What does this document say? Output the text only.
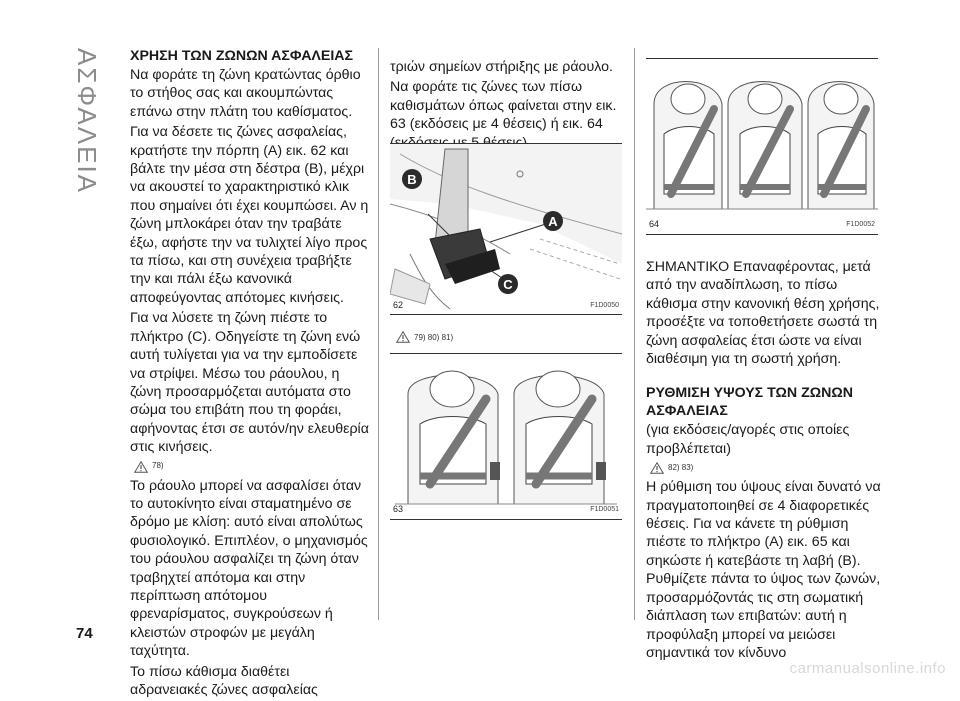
ΑΣΦΑΛΕΙΑ
74
ΧΡΗΣΗ ΤΩΝ ΖΩΝΩΝ ΑΣΦΑΛΕΙΑΣ

Να φοράτε τη ζώνη κρατώντας όρθιο το στήθος σας και ακουμπώντας επάνω στην πλάτη του καθίσματος.

Για να δέσετε τις ζώνες ασφαλείας, κρατήστε την πόρπη (A) εικ. 62 και βάλτε την μέσα στη δέστρα (B), μέχρι να ακουστεί το χαρακτηριστικό κλικ που σημαίνει ότι έχει κουμπώσει. Αν η ζώνη μπλοκάρει όταν την τραβάτε έξω, αφήστε την να τυλιχτεί λίγο προς τα πίσω, και στη συνέχεια τραβήξτε την και πάλι έξω κανονικά αποφεύγοντας απότομες κινήσεις.

Για να λύσετε τη ζώνη πιέστε το πλήκτρο (C). Οδηγείστε τη ζώνη ενώ αυτή τυλίγεται για να την εμποδίσετε να στρίψει. Μέσω του ράουλου, η ζώνη προσαρμόζεται αυτόματα στο σώμα του επιβάτη που τη φοράει, αφήνοντας έτσι σε αυτόν/ην ελευθερία στις κινήσεις.

78)

Το ράουλο μπορεί να ασφαλίσει όταν το αυτοκίνητο είναι σταματημένο σε δρόμο με κλίση: αυτό είναι απολύτως φυσιολογικό. Επιπλέον, ο μηχανισμός του ράουλου ασφαλίζει τη ζώνη όταν τραβηχτεί απότομα και στην περίπτωση απότομου φρεναρίσματος, συγκρούσεων ή κλειστών στροφών με μεγάλη ταχύτητα.

Το πίσω κάθισμα διαθέτει αδρανειακές ζώνες ασφαλείας

τριών σημείων στήριξης με ράουλο.

Να φοράτε τις ζώνες των πίσω καθισμάτων όπως φαίνεται στην εικ. 63 (εκδόσεις με 4 θέσεις) ή εικ. 64

B
A
C
62	F1D0050
79) 80) 81)
63	F1D0051
64	F1D0052

ΣΗΜΑΝΤΙΚΟ Επαναφέροντας, μετά από την αναδίπλωση, το πίσω κάθισμα στην κανονική θέση χρήσης, προσέξτε να τοποθετήσετε σωστά τη ζώνη ασφαλείας έτσι ώστε να είναι διαθέσιμη για τη σωστή χρήση.

ΡΥΘΜΙΣΗ ΥΨΟΥΣ ΤΩΝ ΖΩΝΩΝ ΑΣΦΑΛΕΙΑΣ

(για εκδόσεις/αγορές στις οποίες προβλέπεται)

82) 83)

Η ρύθμιση του ύψους είναι δυνατό να πραγματοποιηθεί σε 4 διαφορετικές θέσεις. Για να κάνετε τη ρύθμιση πιέστε το πλήκτρο (A) εικ. 65 και σηκώστε ή κατεβάστε τη λαβή (B). Ρυθμίζετε πάντα το ύψος των ζωνών, προσαρμόζοντάς τις στη σωματική διάπλαση των επιβατών: αυτή η προφύλαξη μπορεί να μειώσει σημαντικά τον κίνδυνο

carmanualsonline.info
